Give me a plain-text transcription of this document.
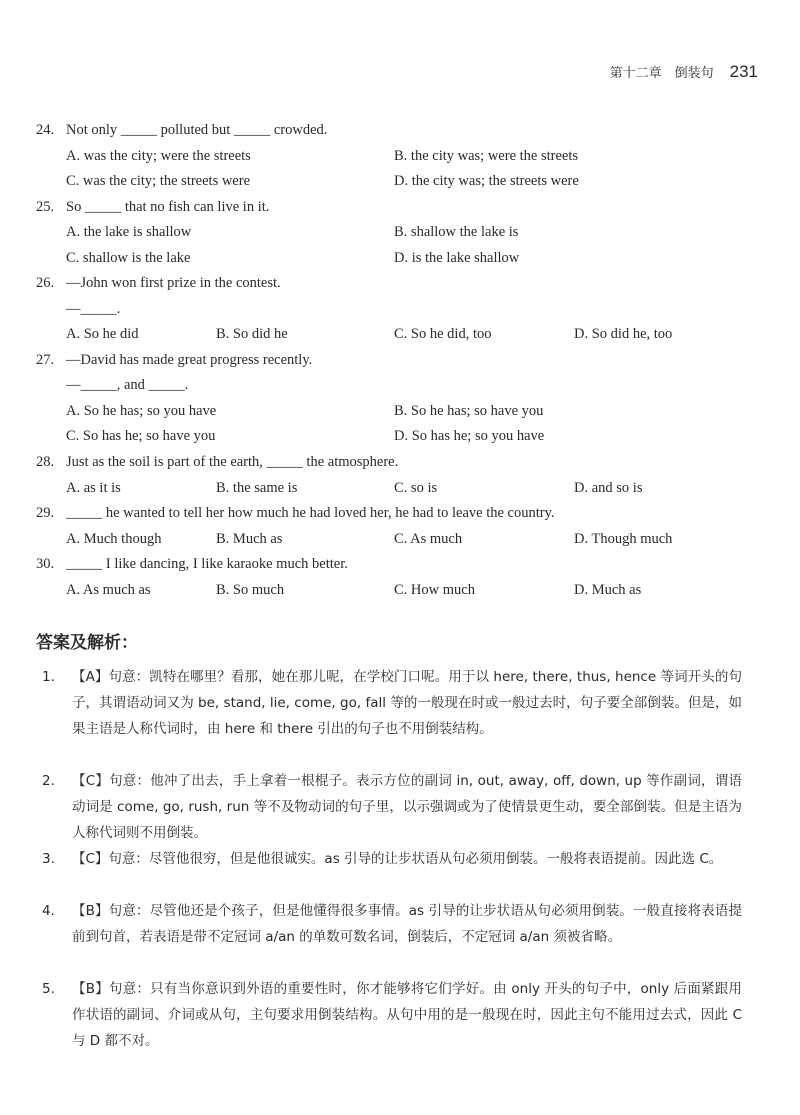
第十二章　倒装句 231
24. Not only _____ polluted but _____ crowded.
A. was the city; were the streets	B. the city was; were the streets
C. was the city; the streets were	D. the city was; the streets were
25. So _____ that no fish can live in it.
A. the lake is shallow	B. shallow the lake is
C. shallow is the lake	D. is the lake shallow
26. —John won first prize in the contest.
—_____.
A. So he did	B. So did he	C. So he did, too	D. So did he, too
27. —David has made great progress recently.
—_____, and _____.
A. So he has; so you have	B. So he has; so have you
C. So has he; so have you	D. So has he; so you have
28. Just as the soil is part of the earth, _____ the atmosphere.
A. as it is	B. the same is	C. so is	D. and so is
29. _____ he wanted to tell her how much he had loved her, he had to leave the country.
A. Much though	B. Much as	C. As much	D. Though much
30. _____ I like dancing, I like karaoke much better.
A. As much as	B. So much	C. How much	D. Much as
答案及解析：
1. 【A】句意：凯特在哪里？看那，她在那儿呢，在学校门口呢。用于以 here, there, thus, hence 等词开头的句子，其谓语动词又为 be, stand, lie, come, go, fall 等的一般现在时或一般过去时，句子要全部倒装。但是，如果主语是人称代词时，由 here 和 there 引出的句子也不用倒装结构。
2. 【C】句意：他冲了出去，手上拿着一根棍子。表示方位的副词 in, out, away, off, down, up 等作副词，谓语动词是 come, go, rush, run 等不及物动词的句子里，以示强调或为了使情景更生动，要全部倒装。但是主语为人称代词则不用倒装。
3. 【C】句意：尽管他很穷，但是他很诚实。as 引导的让步状语从句必须用倒装。一般将表语提前。因此选 C。
4. 【B】句意：尽管他还是个孩子，但是他懂得很多事情。as 引导的让步状语从句必须用倒装。一般直接将表语提前到句首，若表语是带不定冠词 a/an 的单数可数名词，倒装后，不定冠词 a/an 须被省略。
5. 【B】句意：只有当你意识到外语的重要性时，你才能够将它们学好。由 only 开头的句子中，only 后面紧跟用作状语的副词、介词或从句，主句要求用倒装结构。从句中用的是一般现在时，因此主句不能用过去式，因此 C 与 D 都不对。
